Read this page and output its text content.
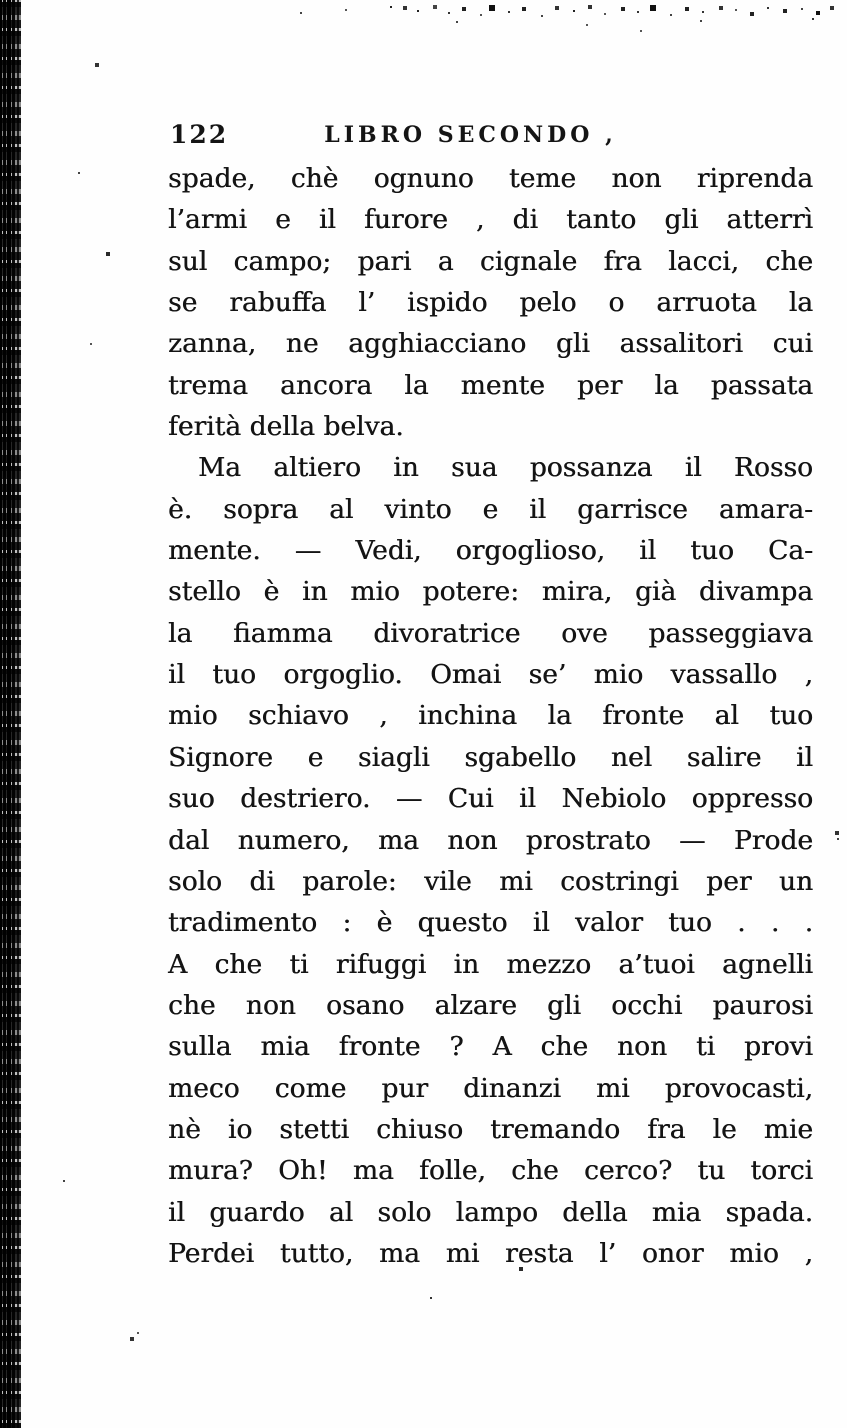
122	LIBRO SECONDO ,
spade, chè ognuno teme non riprenda
l’armi e il furore , di tanto gli atterrì
sul campo; pari a cignale fra lacci, che
se rabuffa l’ ispido pelo o arruota la
zanna, ne agghiacciano gli assalitori cui
trema ancora la mente per la passata
ferità della belva.
Ma altiero in sua possanza il Rosso
è. sopra al vinto e il garrisce amara-
mente. — Vedi, orgoglioso, il tuo Ca-
stello è in mio potere: mira, già divampa
la fiamma divoratrice ove passeggiava
il tuo orgoglio. Omai se’ mio vassallo ,
mio schiavo , inchina la fronte al tuo
Signore e siagli sgabello nel salire il
suo destriero. — Cui il Nebiolo oppresso
dal numero, ma non prostrato — Prode
solo di parole: vile mi costringi per un
tradimento : è questo il valor tuo . . .
A che ti rifuggi in mezzo a’tuoi agnelli
che non osano alzare gli occhi paurosi
sulla mia fronte ? A che non ti provi
meco come pur dinanzi mi provocasti,
nè io stetti chiuso tremando fra le mie
mura? Oh! ma folle, che cerco? tu torci
il guardo al solo lampo della mia spada.
Perdei tutto, ma mi resta l’ onor mio ,
